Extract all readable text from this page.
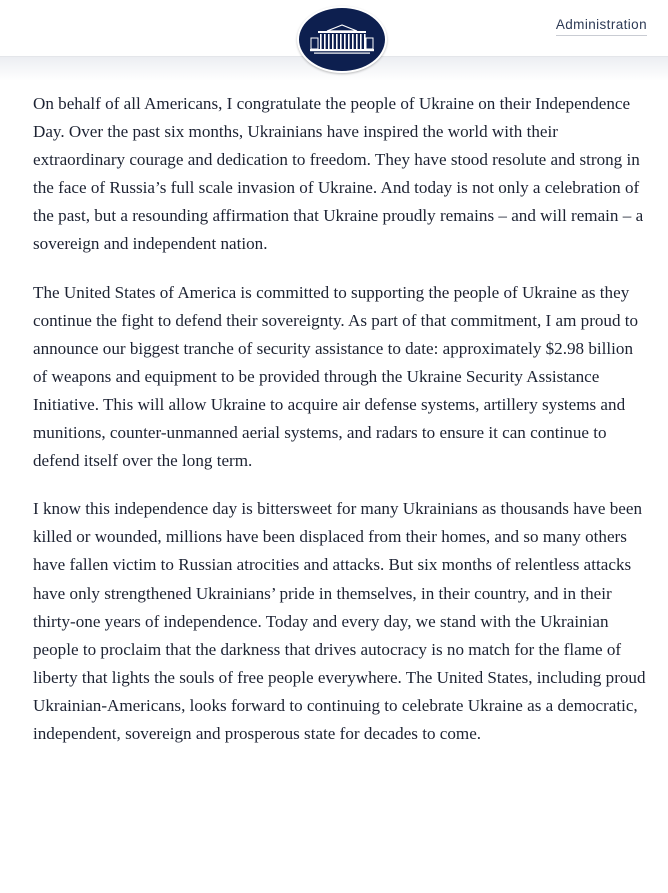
Administration

On behalf of all Americans, I congratulate the people of Ukraine on their Independence Day. Over the past six months, Ukrainians have inspired the world with their extraordinary courage and dedication to freedom. They have stood resolute and strong in the face of Russia’s full scale invasion of Ukraine. And today is not only a celebration of the past, but a resounding affirmation that Ukraine proudly remains – and will remain – a sovereign and independent nation.

The United States of America is committed to supporting the people of Ukraine as they continue the fight to defend their sovereignty. As part of that commitment, I am proud to announce our biggest tranche of security assistance to date: approximately $2.98 billion of weapons and equipment to be provided through the Ukraine Security Assistance Initiative. This will allow Ukraine to acquire air defense systems, artillery systems and munitions, counter-unmanned aerial systems, and radars to ensure it can continue to defend itself over the long term.

I know this independence day is bittersweet for many Ukrainians as thousands have been killed or wounded, millions have been displaced from their homes, and so many others have fallen victim to Russian atrocities and attacks. But six months of relentless attacks have only strengthened Ukrainians’ pride in themselves, in their country, and in their thirty-one years of independence. Today and every day, we stand with the Ukrainian people to proclaim that the darkness that drives autocracy is no match for the flame of liberty that lights the souls of free people everywhere. The United States, including proud Ukrainian-Americans, looks forward to continuing to celebrate Ukraine as a democratic, independent, sovereign and prosperous state for decades to come.
